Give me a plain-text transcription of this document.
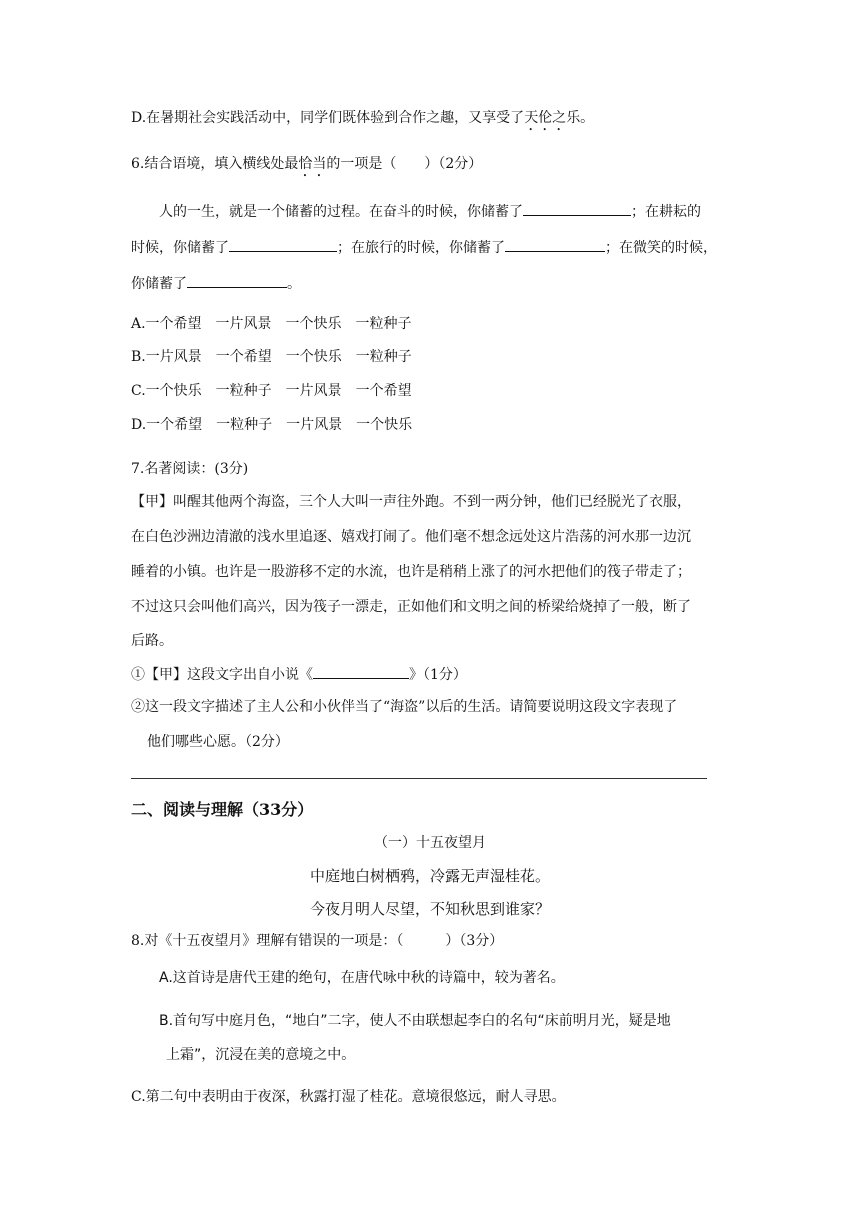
D.在暑期社会实践活动中，同学们既体验到合作之趣，又享受了天伦之乐。
6.结合语境，填入横线处最恰当的一项是（　　）（2分）
人的一生，就是一个储蓄的过程。在奋斗的时候，你储蓄了	；在耕耘的
时候，你储蓄了	；在旅行的时候，你储蓄了	；在微笑的时候，
你储蓄了	。
A.一个希望　一片风景　一个快乐　一粒种子
B.一片风景　一个希望　一个快乐　一粒种子
C.一个快乐　一粒种子　一片风景　一个希望
D.一个希望　一粒种子　一片风景　一个快乐
7.名著阅读：(3分)
【甲】叫醒其他两个海盗，三个人大叫一声往外跑。不到一两分钟，他们已经脱光了衣服，
在白色沙洲边清澈的浅水里追逐、嬉戏打闹了。他们毫不想念远处这片浩荡的河水那一边沉
睡着的小镇。也许是一股游移不定的水流，也许是稍稍上涨了的河水把他们的筏子带走了；
不过这只会叫他们高兴，因为筏子一漂走，正如他们和文明之间的桥梁给烧掉了一般，断了
后路。
①【甲】这段文字出自小说《	》（1分）
②这一段文字描述了主人公和小伙伴当了“海盗”以后的生活。请简要说明这段文字表现了
他们哪些心愿。（2分）
二、阅读与理解（33分）
（一）十五夜望月
中庭地白树栖鸦，冷露无声湿桂花。
今夜月明人尽望，不知秋思到谁家？
8.对《十五夜望月》理解有错误的一项是：（　　　）（3分）
A.这首诗是唐代王建的绝句，在唐代咏中秋的诗篇中，较为著名。
B.首句写中庭月色，“地白”二字，使人不由联想起李白的名句“床前明月光，疑是地
上霜”，沉浸在美的意境之中。
C.第二句中表明由于夜深，秋露打湿了桂花。意境很悠远，耐人寻思。
